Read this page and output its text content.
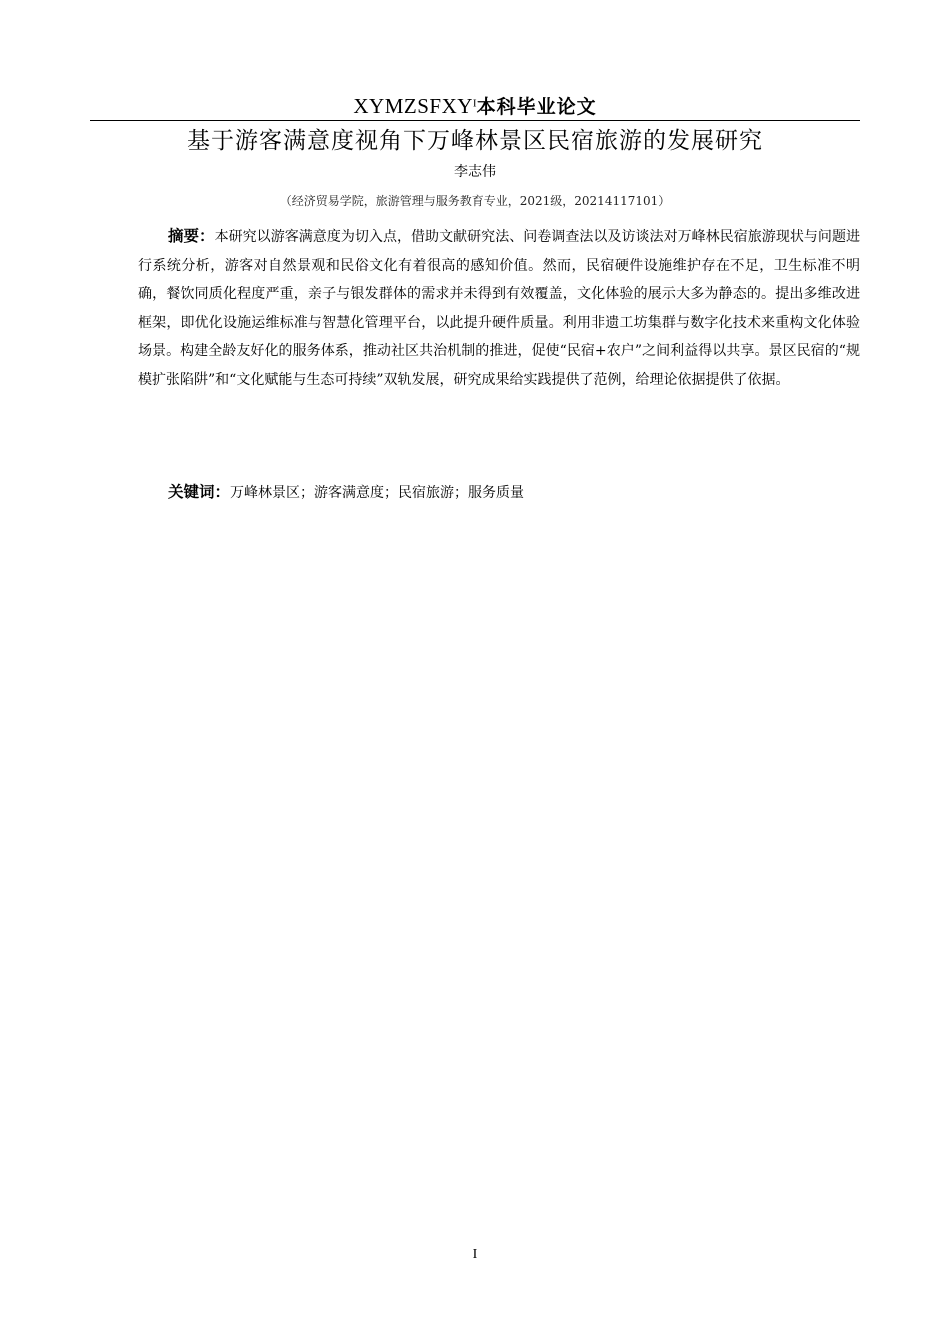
$XYMZSFXY^I$本科毕业论文
基于游客满意度视角下万峰林景区民宿旅游的发展研究
李志伟
（经济贸易学院，旅游管理与服务教育专业，2021级，20214117101）

摘要：本研究以游客满意度为切入点，借助文献研究法、问卷调查法以及访谈法对万峰林民宿旅游现状与问题进行系统分析，游客对自然景观和民俗文化有着很高的感知价值。然而，民宿硬件设施维护存在不足，卫生标准不明确，餐饮同质化程度严重，亲子与银发群体的需求并未得到有效覆盖，文化体验的展示大多为静态的。提出多维改进框架，即优化设施运维标准与智慧化管理平台，以此提升硬件质量。利用非遗工坊集群与数字化技术来重构文化体验场景。构建全龄友好化的服务体系，推动社区共治机制的推进，促使“民宿+农户”之间利益得以共享。景区民宿的“规模扩张陷阱”和“文化赋能与生态可持续”双轨发展，研究成果给实践提供了范例，给理论依据提供了依据。

关键词：万峰林景区；游客满意度；民宿旅游；服务质量

I
